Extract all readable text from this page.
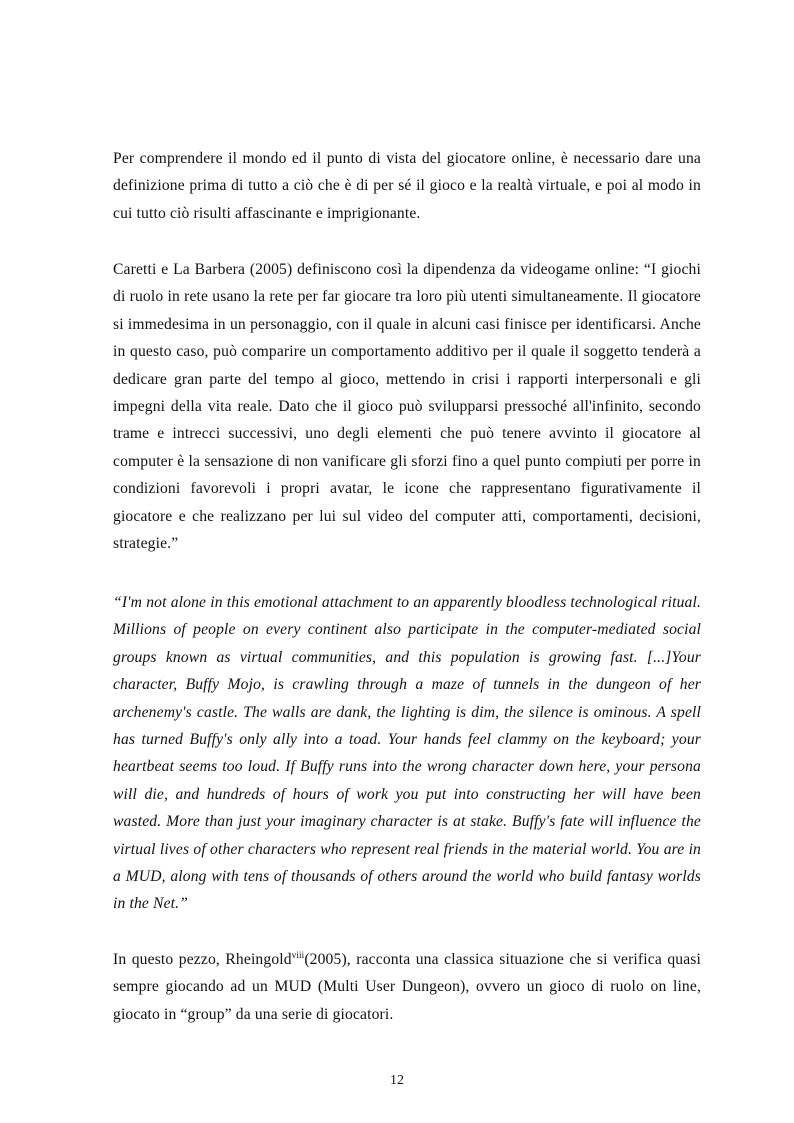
Per comprendere il mondo ed il punto di vista del giocatore online, è necessario dare una definizione prima di tutto a ciò che è di per sé il gioco e la realtà virtuale, e poi al modo in cui tutto ciò risulti affascinante e imprigionante.

Caretti e La Barbera (2005) definiscono così la dipendenza da videogame online: “I giochi di ruolo in rete usano la rete per far giocare tra loro più utenti simultaneamente. Il giocatore si immedesima in un personaggio, con il quale in alcuni casi finisce per identificarsi. Anche in questo caso, può comparire un comportamento additivo per il quale il soggetto tenderà a dedicare gran parte del tempo al gioco, mettendo in crisi i rapporti interpersonali e gli impegni della vita reale. Dato che il gioco può svilupparsi pressoché all'infinito, secondo trame e intrecci successivi, uno degli elementi che può tenere avvinto il giocatore al computer è la sensazione di non vanificare gli sforzi fino a quel punto compiuti per porre in condizioni favorevoli i propri avatar, le icone che rappresentano figurativamente il giocatore e che realizzano per lui sul video del computer atti, comportamenti, decisioni, strategie.”

“I'm not alone in this emotional attachment to an apparently bloodless technological ritual. Millions of people on every continent also participate in the computer-mediated social groups known as virtual communities, and this population is growing fast. [...]Your character, Buffy Mojo, is crawling through a maze of tunnels in the dungeon of her archenemy's castle. The walls are dank, the lighting is dim, the silence is ominous. A spell has turned Buffy's only ally into a toad. Your hands feel clammy on the keyboard; your heartbeat seems too loud. If Buffy runs into the wrong character down here, your persona will die, and hundreds of hours of work you put into constructing her will have been wasted. More than just your imaginary character is at stake. Buffy's fate will influence the virtual lives of other characters who represent real friends in the material world. You are in a MUD, along with tens of thousands of others around the world who build fantasy worlds in the Net.”

In questo pezzo, Rheingold$^{viii}$(2005), racconta una classica situazione che si verifica quasi sempre giocando ad un MUD (Multi User Dungeon), ovvero un gioco di ruolo on line, giocato in “group” da una serie di giocatori.

12
